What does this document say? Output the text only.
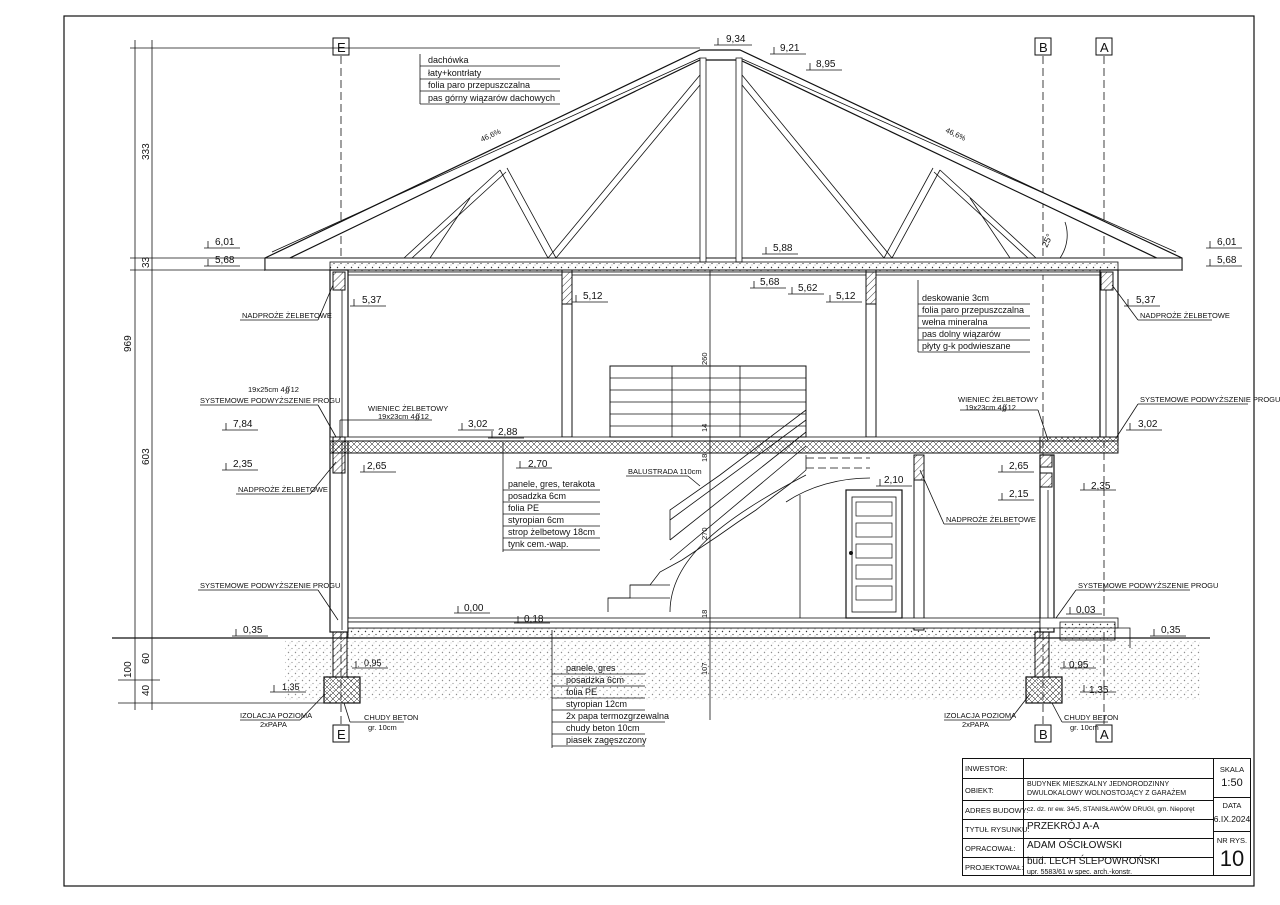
E	B	A
E	B	A
46,6%	46,6%
25°
969
333
33
603
100
60
40
260
14
18
270
18
107
9,34
9,21
8,95
6,01
5,68
6,01
5,68
5,88
5,68
5,62
5,37	5,37
5,12	5,12
7,84	3,02
2,88
3,02
2,70
2,35	2,65	2,65
2,35
2,10
2,15
0,00
0,18
0,03
0,35	0,35
0,95	0,95
1,35	1,35
dachówka
łaty+kontrłaty
folia paro przepuszczalna
pas górny wiązarów dachowych
deskowanie 3cm
folia paro przepuszczalna
wełna mineralna
pas dolny wiązarów
płyty g-k podwieszane
panele, gres, terakota
posadzka 6cm
folia PE
styropian 6cm
strop żelbetowy 18cm
tynk cem.-wap.
panele, gres
posadzka 6cm
folia PE
styropian 12cm
2x papa termozgrzewalna
chudy beton 10cm
piasek zagęszczony
NADPROŻE ŻELBETOWE	NADPROŻE ŻELBETOWE
19x25cm 4∯12
SYSTEMOWE PODWYŻSZENIE PROGU
WIENIEC ŻELBETOWY
19x23cm 4∯12
WIENIEC ŻELBETOWY
19x23cm 4∯12
SYSTEMOWE PODWYŻSZENIE PROGU
NADPROŻE ŻELBETOWE
BALUSTRADA 110cm
NADPROŻE ŻELBETOWE
SYSTEMOWE PODWYŻSZENIE PROGU	SYSTEMOWE PODWYŻSZENIE PROGU
IZOLACJA POZIOMA
2xPAPA
CHUDY BETON
gr. 10cm
IZOLACJA POZIOMA
2xPAPA
CHUDY BETON
gr. 10cm
INWESTOR:
OBIEKT:
BUDYNEK MIESZKALNY JEDNORODZINNY
DWULOKALOWY WOLNOSTOJĄCY Z GARAŻEM
ADRES BUDOWY:
cz. dz. nr ew. 34/5, STANISŁAWÓW DRUGI, gm. Nieporęt
TYTUŁ RYSUNKU:
PRZEKRÓJ A-A
OPRACOWAŁ: ADAM OŚCIŁOWSKI
PROJEKTOWAŁ:
bud. LECH ŚLEPOWROŃSKI
upr. 5583/61 w spec. arch.-konstr.
SKALA
1:50
DATA
6.IX.2024
NR RYS.
10
